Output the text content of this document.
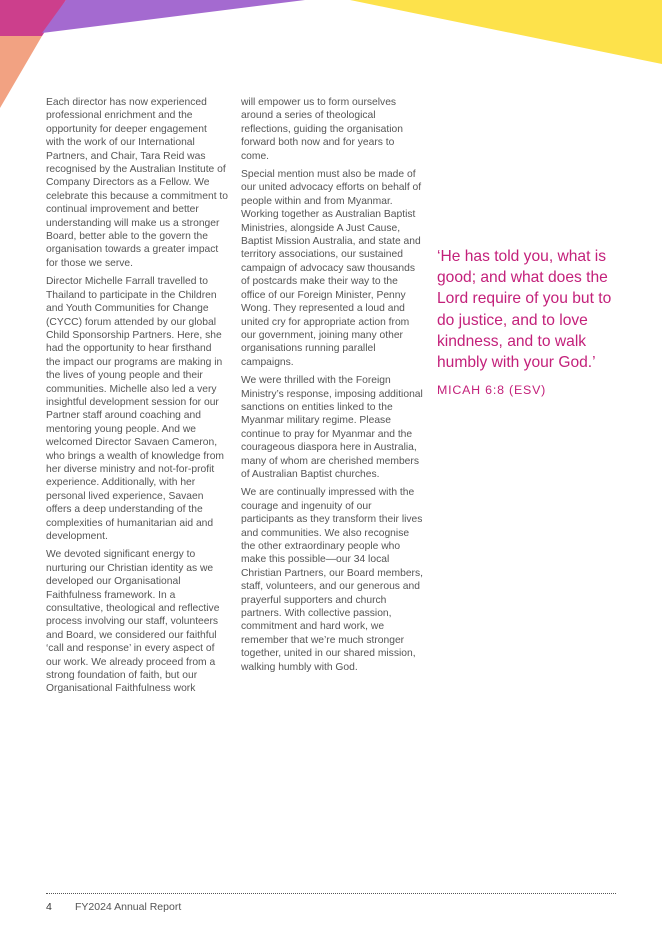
Each director has now experienced professional enrichment and the opportunity for deeper engagement with the work of our International Partners, and Chair, Tara Reid was recognised by the Australian Institute of Company Directors as a Fellow. We celebrate this because a commitment to continual improvement and better understanding will make us a stronger Board, better able to the govern the organisation towards a greater impact for those we serve.

Director Michelle Farrall travelled to Thailand to participate in the Children and Youth Communities for Change (CYCC) forum attended by our global Child Sponsorship Partners. Here, she had the opportunity to hear firsthand the impact our programs are making in the lives of young people and their communities. Michelle also led a very insightful development session for our Partner staff around coaching and mentoring young people. And we welcomed Director Savaen Cameron, who brings a wealth of knowledge from her diverse ministry and not-for-profit experience. Additionally, with her personal lived experience, Savaen offers a deep understanding of the complexities of humanitarian aid and development.

We devoted significant energy to nurturing our Christian identity as we developed our Organisational Faithfulness framework. In a consultative, theological and reflective process involving our staff, volunteers and Board, we considered our faithful ‘call and response’ in every aspect of our work. We already proceed from a strong foundation of faith, but our Organisational Faithfulness work

will empower us to form ourselves around a series of theological reflections, guiding the organisation forward both now and for years to come.

Special mention must also be made of our united advocacy efforts on behalf of people within and from Myanmar. Working together as Australian Baptist Ministries, alongside A Just Cause, Baptist Mission Australia, and state and territory associations, our sustained campaign of advocacy saw thousands of postcards make their way to the office of our Foreign Minister, Penny Wong. They represented a loud and united cry for appropriate action from our government, joining many other organisations running parallel campaigns.

We were thrilled with the Foreign Ministry’s response, imposing additional sanctions on entities linked to the Myanmar military regime. Please continue to pray for Myanmar and the courageous diaspora here in Australia, many of whom are cherished members of Australian Baptist churches.

We are continually impressed with the courage and ingenuity of our participants as they transform their lives and communities. We also recognise the other extraordinary people who make this possible—our 34 local Christian Partners, our Board members, staff, volunteers, and our generous and prayerful supporters and church partners. With collective passion, commitment and hard work, we remember that we’re much stronger together, united in our shared mission, walking humbly with God.

‘He has told you, what is good; and what does the Lord require of you but to do justice, and to love kindness, and to walk humbly with your God.’
MICAH 6:8 (ESV)
4 FY2024 Annual Report
